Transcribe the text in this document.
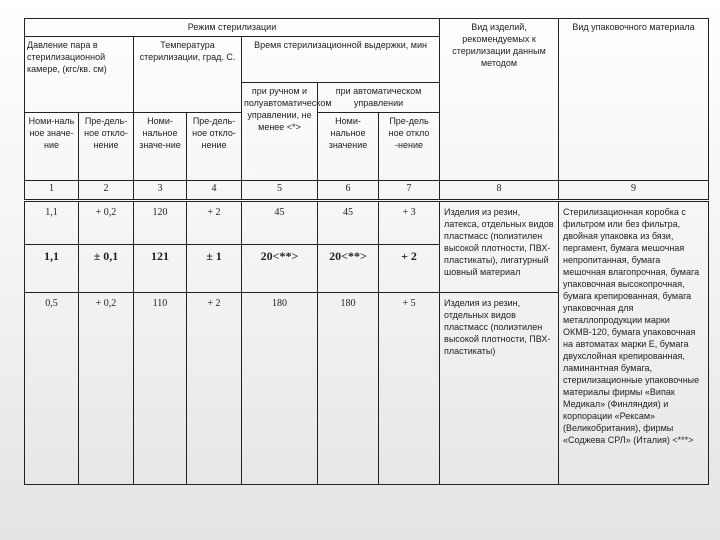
Режим стерилизации							Вид изделий, рекомендуемых к стерилизации данным методом	Вид упаковочного материала
Давление пара в стерилизационной камере, (кгс/кв. см)		Температура стерилизации, град. С.		Время стерилизационной выдержки, мин				
				при ручном и полуавтоматическом управлении, не менее <*>	при автоматическом управлении			
Номи-наль ное значе-ние	Пре-дель-ное откло-нение	Номи-нальное значе-ние	Пре-дель-ное откло-нение		Номи-нальное значение	Пре-дель ное откло -нение		
1	2	3	4	5	6	7	8	9
1,1	+ 0,2	120	+ 2	45	45	+ 3	Изделия из резин, латекса, отдельных видов пластмасс (полиэтилен высокой плотности, ПВХ-пластикаты), лигатурный шовный материал	Стерилизационная коробка с фильтром или без фильтра, двойная упаковка из бязи, пергамент, бумага мешочная непропитанная, бумага мешочная влагопрочная, бумага упаковочная высокопрочная, бумага крепированная, бумага упаковочная для металлопродукции марки ОКМВ-120, бумага упаковочная на автоматах марки Е, бумага двухслойная крепированная, ламинантная бумага, стерилизационные упаковочные материалы фирмы «Випак Медикал» (Финляндия) и корпорации «Рексам» (Великобритания), фирмы «Соджева СРЛ» (Италия) <***>
1,1	± 0,1	121	± 1	20<**>	20<**>	+ 2		
0,5	+ 0,2	110	+ 2	180	180	+ 5	Изделия из резин, отдельных видов пластмасс (полиэтилен высокой плотности, ПВХ-пластикаты)	
